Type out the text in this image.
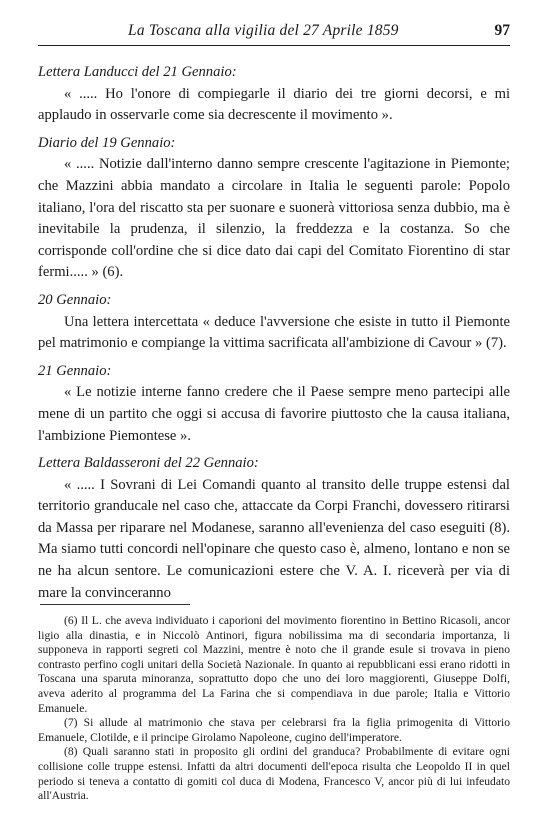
La Toscana alla vigilia del 27 Aprile 1859	97

Lettera Landucci del 21 Gennaio:

« ..... Ho l'onore di compiegarle il diario dei tre giorni decorsi, e mi applaudo in osservarle come sia decrescente il movimento ».

Diario del 19 Gennaio:

« ..... Notizie dall'interno danno sempre crescente l'agitazione in Piemonte; che Mazzini abbia mandato a circolare in Italia le seguenti parole: Popolo italiano, l'ora del riscatto sta per suonare e suonerà vittoriosa senza dubbio, ma è inevitabile la prudenza, il silenzio, la freddezza e la costanza. So che corrisponde coll'ordine che si dice dato dai capi del Comitato Fiorentino di star fermi..... » (6).

20 Gennaio:

Una lettera intercettata « deduce l'avversione che esiste in tutto il Piemonte pel matrimonio e compiange la vittima sacrificata all'ambizione di Cavour » (7).

21 Gennaio:

« Le notizie interne fanno credere che il Paese sempre meno partecipi alle mene di un partito che oggi si accusa di favorire piuttosto che la causa italiana, l'ambizione Piemontese ».

Lettera Baldasseroni del 22 Gennaio:

« ..... I Sovrani di Lei Comandi quanto al transito delle truppe estensi dal territorio granducale nel caso che, attaccate da Corpi Franchi, dovessero ritirarsi da Massa per riparare nel Modanese, saranno all'evenienza del caso eseguiti (8). Ma siamo tutti concordi nell'opinare che questo caso è, almeno, lontano e non se ne ha alcun sentore. Le comunicazioni estere che V. A. I. riceverà per via di mare la convinceranno

(6) Il L. che aveva individuato i caporioni del movimento fiorentino in Bettino Ricasoli, ancor ligio alla dinastia, e in Niccolò Antinori, figura nobilissima ma di secondaria importanza, li supponeva in rapporti segreti col Mazzini, mentre è noto che il grande esule si trovava in pieno contrasto perfino cogli unitari della Società Nazionale. In quanto ai repubblicani essi erano ridotti in Toscana una sparuta minoranza, soprattutto dopo che uno dei loro maggiorenti, Giuseppe Dolfi, aveva aderito al programma del La Farina che si compendiava in due parole; Italia e Vittorio Emanuele.

(7) Si allude al matrimonio che stava per celebrarsi fra la figlia primogenita di Vittorio Emanuele, Clotilde, e il principe Girolamo Napoleone, cugino dell'imperatore.

(8) Quali saranno stati in proposito gli ordini del granduca? Probabilmente di evitare ogni collisione colle truppe estensi. Infatti da altri documenti dell'epoca risulta che Leopoldo II in quel periodo si teneva a contatto di gomiti col duca di Modena, Francesco V, ancor più di lui infeudato all'Austria.
